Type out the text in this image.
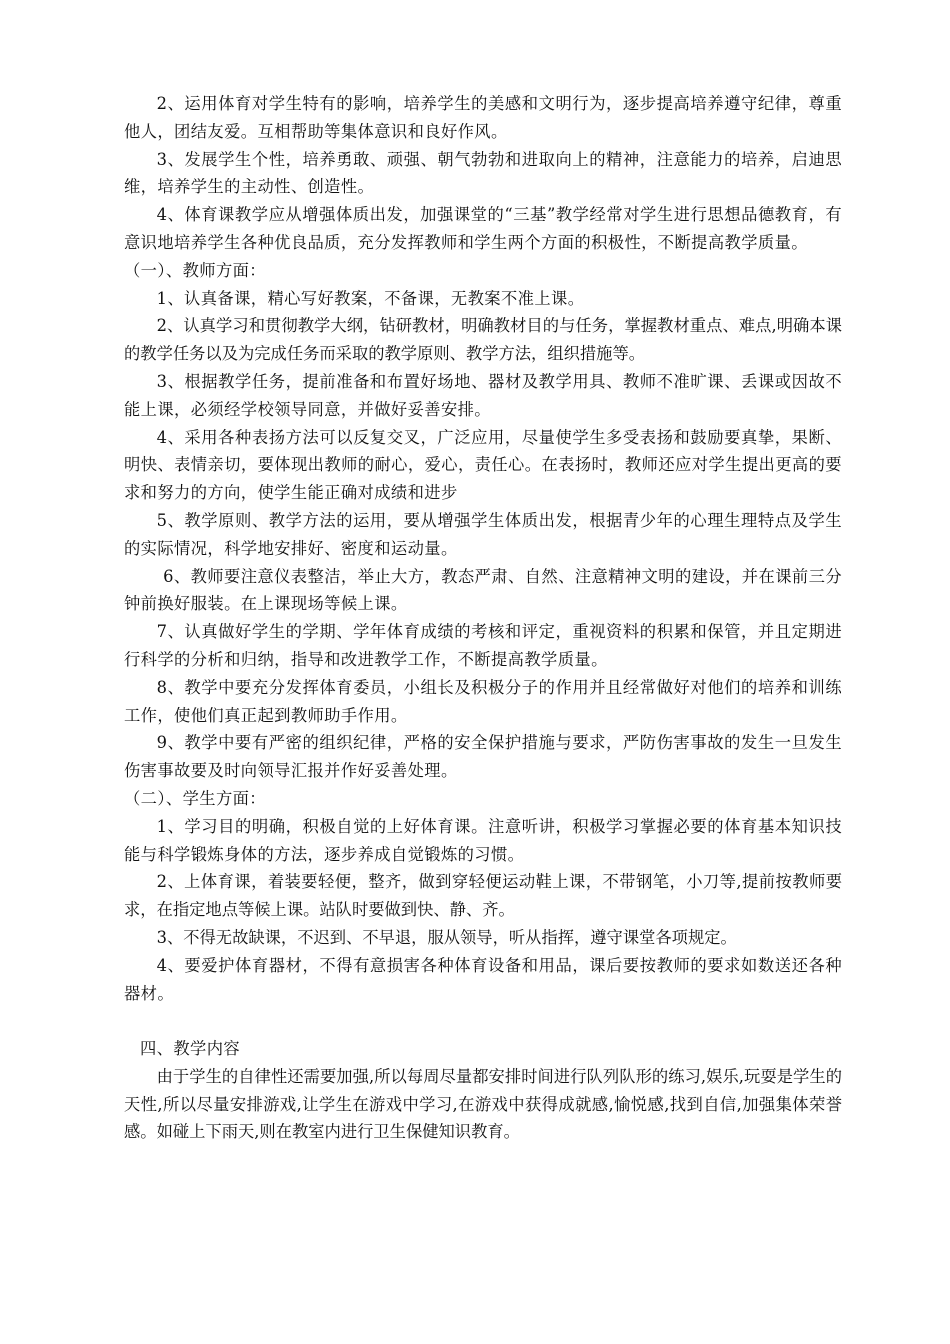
2、运用体育对学生特有的影响，培养学生的美感和文明行为，逐步提高培养遵守纪律，尊重他人，团结友爱。互相帮助等集体意识和良好作风。

3、发展学生个性，培养勇敢、顽强、朝气勃勃和进取向上的精神，注意能力的培养，启迪思维，培养学生的主动性、创造性。

4、体育课教学应从增强体质出发，加强课堂的“三基”教学经常对学生进行思想品德教育，有意识地培养学生各种优良品质，充分发挥教师和学生两个方面的积极性，不断提高教学质量。

（一）、教师方面：

1、认真备课，精心写好教案，不备课，无教案不准上课。

2、认真学习和贯彻教学大纲，钻研教材，明确教材目的与任务，掌握教材重点、难点,明确本课的教学任务以及为完成任务而采取的教学原则、教学方法，组织措施等。

3、根据教学任务，提前准备和布置好场地、器材及教学用具、教师不准旷课、丢课或因故不能上课，必须经学校领导同意，并做好妥善安排。

4、采用各种表扬方法可以反复交叉，广泛应用，尽量使学生多受表扬和鼓励要真挚，果断、明快、表情亲切，要体现出教师的耐心，爱心，责任心。在表扬时，教师还应对学生提出更高的要求和努力的方向，使学生能正确对成绩和进步

5、教学原则、教学方法的运用，要从增强学生体质出发，根据青少年的心理生理特点及学生的实际情况，科学地安排好、密度和运动量。

6、教师要注意仪表整洁，举止大方，教态严肃、自然、注意精神文明的建设，并在课前三分钟前换好服装。在上课现场等候上课。

7、认真做好学生的学期、学年体育成绩的考核和评定，重视资料的积累和保管，并且定期进行科学的分析和归纳，指导和改进教学工作，不断提高教学质量。

8、教学中要充分发挥体育委员，小组长及积极分子的作用并且经常做好对他们的培养和训练工作，使他们真正起到教师助手作用。

9、教学中要有严密的组织纪律，严格的安全保护措施与要求，严防伤害事故的发生一旦发生伤害事故要及时向领导汇报并作好妥善处理。

（二）、学生方面：

1、学习目的明确，积极自觉的上好体育课。注意听讲，积极学习掌握必要的体育基本知识技能与科学锻炼身体的方法，逐步养成自觉锻炼的习惯。

2、上体育课，着装要轻便，整齐，做到穿轻便运动鞋上课，不带钢笔，小刀等,提前按教师要求，在指定地点等候上课。站队时要做到快、静、齐。

3、不得无故缺课，不迟到、不早退，服从领导，听从指挥，遵守课堂各项规定。

4、要爱护体育器材，不得有意损害各种体育设备和用品，课后要按教师的要求如数送还各种器材。

四、教学内容

由于学生的自律性还需要加强,所以每周尽量都安排时间进行队列队形的练习,娱乐,玩耍是学生的天性,所以尽量安排游戏,让学生在游戏中学习,在游戏中获得成就感,愉悦感,找到自信,加强集体荣誉感。如碰上下雨天,则在教室内进行卫生保健知识教育。
